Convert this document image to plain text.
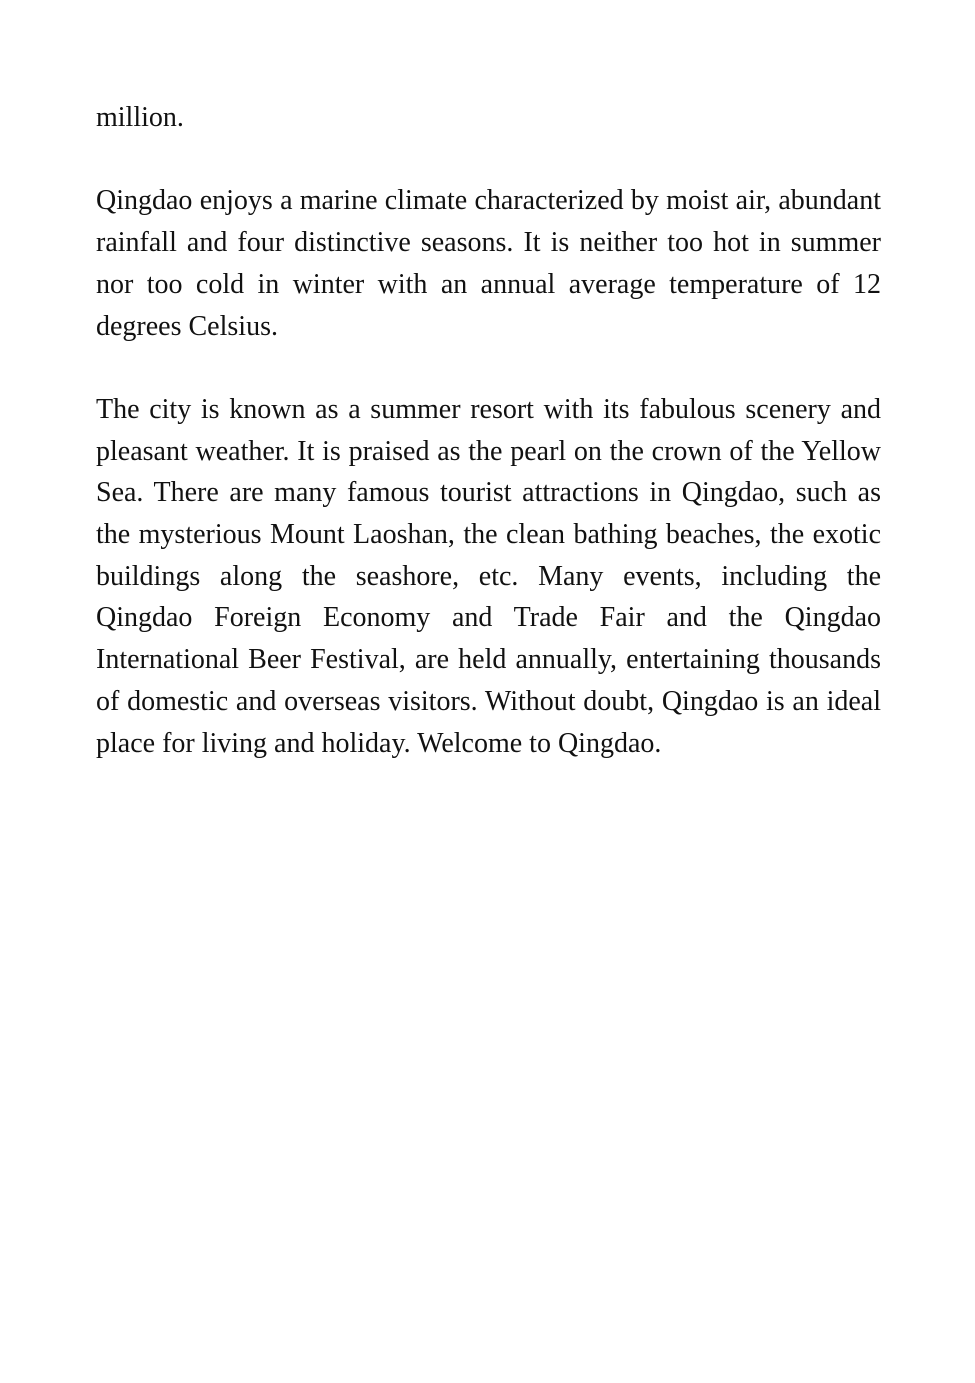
million.

Qingdao enjoys a marine climate characterized by moist air, abundant rainfall and four distinctive seasons. It is neither too hot in summer nor too cold in winter with an annual average temperature of 12 degrees Celsius.

The city is known as a summer resort with its fabulous scenery and pleasant weather. It is praised as the pearl on the crown of the Yellow Sea. There are many famous tourist attractions in Qingdao, such as the mysterious Mount Laoshan, the clean bathing beaches, the exotic buildings along the seashore, etc. Many events, including the Qingdao Foreign Economy and Trade Fair and the Qingdao International Beer Festival, are held annually, entertaining thousands of domestic and overseas visitors. Without doubt, Qingdao is an ideal place for living and holiday. Welcome to Qingdao.
